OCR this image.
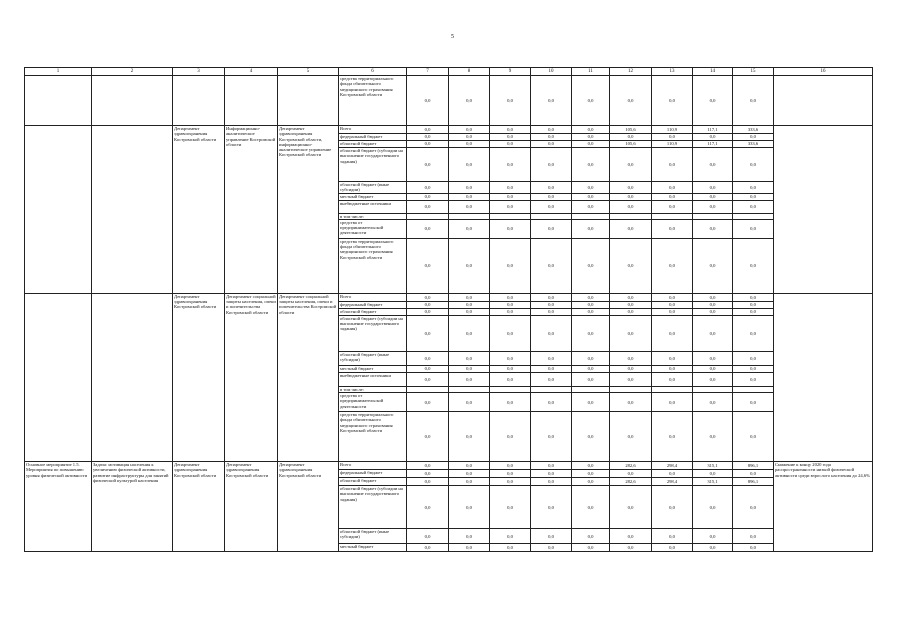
5
1	2	3	4	5	6	7	8	9	10	11	12	13	14	15	16
					средства территориального фонда обязательного медицинского страхования Костромской области	0,0	0,0	0,0	0,0	0,0	0,0	0,0	0,0	0,0	
		Департамент здравоохранения Костромской области	Информационно-аналитическое управление Костромской области	Департамент здравоохранения Костромской области, информационно-аналитическое управление Костромской области	Всего	0,0	0,0	0,0	0,0	0,0	105,6	110,9	117,1	333,6	
					федеральный бюджет	0,0	0,0	0,0	0,0	0,0	0,0	0,0	0,0	0,0	
					областной бюджет	0,0	0,0	0,0	0,0	0,0	105,6	110,9	117,1	333,6	
					областной бюджет (субсидии на выполнение государственного задания)	0,0	0,0	0,0	0,0	0,0	0,0	0,0	0,0	0,0	
					областной бюджет (иные субсидии)	0,0	0,0	0,0	0,0	0,0	0,0	0,0	0,0	0,0	
					местный бюджет	0,0	0,0	0,0	0,0	0,0	0,0	0,0	0,0	0,0	
					внебюджетные источники	0,0	0,0	0,0	0,0	0,0	0,0	0,0	0,0	0,0	
					в том числе:										
					средства от предпринимательской деятельности	0,0	0,0	0,0	0,0	0,0	0,0	0,0	0,0	0,0	
					средства территориального фонда обязательного медицинского страхования Костромской области	0,0	0,0	0,0	0,0	0,0	0,0	0,0	0,0	0,0	
		Департамент здравоохранения Костромской области	Департамент социальной защиты населения, опеки и попечительства Костромской области	Департамент социальной защиты населения, опеки и попечительства Костромской области	Всего	0,0	0,0	0,0	0,0	0,0	0,0	0,0	0,0	0,0	
					федеральный бюджет	0,0	0,0	0,0	0,0	0,0	0,0	0,0	0,0	0,0	
					областной бюджет	0,0	0,0	0,0	0,0	0,0	0,0	0,0	0,0	0,0	
					областной бюджет (субсидии на выполнение государственного задания)	0,0	0,0	0,0	0,0	0,0	0,0	0,0	0,0	0,0	
					областной бюджет (иные субсидии)	0,0	0,0	0,0	0,0	0,0	0,0	0,0	0,0	0,0	
					местный бюджет	0,0	0,0	0,0	0,0	0,0	0,0	0,0	0,0	0,0	
					внебюджетные источники	0,0	0,0	0,0	0,0	0,0	0,0	0,0	0,0	0,0	
					в том числе:										
					средства от предпринимательской деятельности	0,0	0,0	0,0	0,0	0,0	0,0	0,0	0,0	0,0	
					средства территориального фонда обязательного медицинского страхования Костромской области	0,0	0,0	0,0	0,0	0,0	0,0	0,0	0,0	0,0	
Основное мероприятие 1.5. Мероприятия по повышению уровня физической активности	Задача: мотивация населения к увеличению физической активности, развитие инфраструктуры для занятий физической культурой населения	Департамент здравоохранения Костромской области	Департамент здравоохранения Костромской области	Департамент здравоохранения Костромской области	Всего	0,0	0,0	0,0	0,0	0,0	282,6	298,4	315,1	896,1	Снижение к концу 2020 года распространенности низкой физической активности среди взрослого населения до 24,6%
					федеральный бюджет	0,0	0,0	0,0	0,0	0,0	0,0	0,0	0,0	0,0	
					областной бюджет	0,0	0,0	0,0	0,0	0,0	282,6	298,4	315,1	896,1	
					областной бюджет (субсидии на выполнение государственного задания)	0,0	0,0	0,0	0,0	0,0	0,0	0,0	0,0	0,0	
					областной бюджет (иные субсидии)	0,0	0,0	0,0	0,0	0,0	0,0	0,0	0,0	0,0	
					местный бюджет	0,0	0,0	0,0	0,0	0,0	0,0	0,0	0,0	0,0	
